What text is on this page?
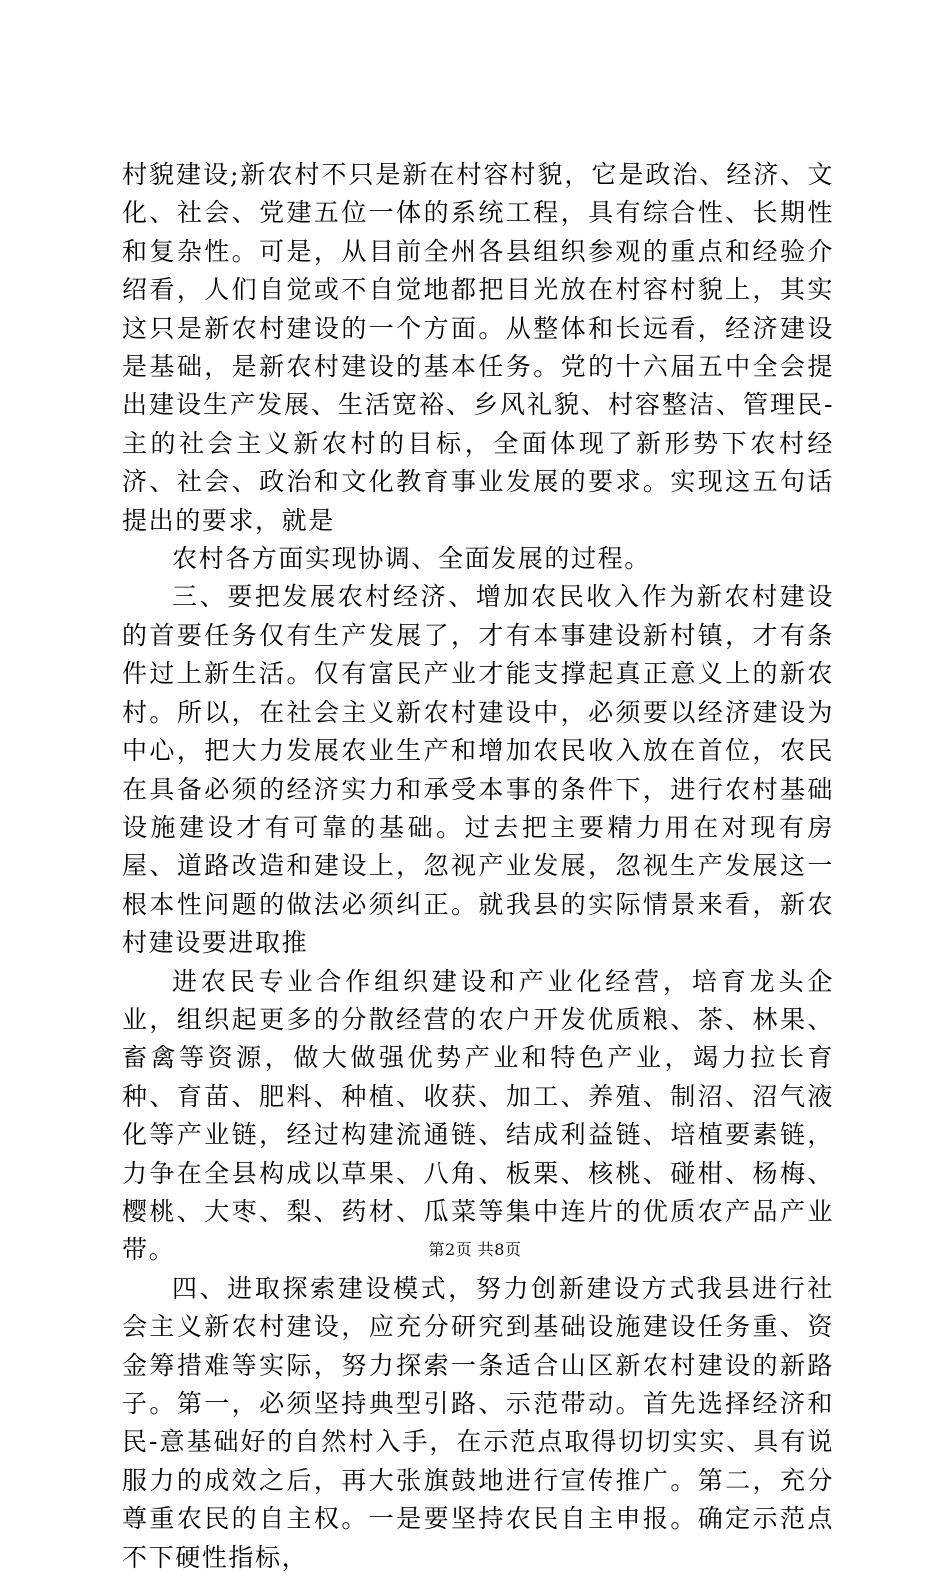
村貌建设;新农村不只是新在村容村貌，它是政治、经济、文化、社会、党建五位一体的系统工程，具有综合性、长期性和复杂性。可是，从目前全州各县组织参观的重点和经验介绍看，人们自觉或不自觉地都把目光放在村容村貌上，其实这只是新农村建设的一个方面。从整体和长远看，经济建设是基础，是新农村建设的基本任务。党的十六届五中全会提出建设生产发展、生活宽裕、乡风礼貌、村容整洁、管理民-主的社会主义新农村的目标，全面体现了新形势下农村经济、社会、政治和文化教育事业发展的要求。实现这五句话提出的要求，就是

农村各方面实现协调、全面发展的过程。

三、要把发展农村经济、增加农民收入作为新农村建设的首要任务仅有生产发展了，才有本事建设新村镇，才有条件过上新生活。仅有富民产业才能支撑起真正意义上的新农村。所以，在社会主义新农村建设中，必须要以经济建设为中心，把大力发展农业生产和增加农民收入放在首位，农民在具备必须的经济实力和承受本事的条件下，进行农村基础设施建设才有可靠的基础。过去把主要精力用在对现有房屋、道路改造和建设上，忽视产业发展，忽视生产发展这一根本性问题的做法必须纠正。就我县的实际情景来看，新农村建设要进取推

进农民专业合作组织建设和产业化经营，培育龙头企业，组织起更多的分散经营的农户开发优质粮、茶、林果、畜禽等资源，做大做强优势产业和特色产业，竭力拉长育种、育苗、肥料、种植、收获、加工、养殖、制沼、沼气液化等产业链，经过构建流通链、结成利益链、培植要素链，力争在全县构成以草果、八角、板栗、核桃、碰柑、杨梅、樱桃、大枣、梨、药材、瓜菜等集中连片的优质农产品产业带。

四、进取探索建设模式，努力创新建设方式我县进行社会主义新农村建设，应充分研究到基础设施建设任务重、资金筹措难等实际，努力探索一条适合山区新农村建设的新路子。第一，必须坚持典型引路、示范带动。首先选择经济和民-意基础好的自然村入手，在示范点取得切切实实、具有说服力的成效之后，再大张旗鼓地进行宣传推广。第二，充分尊重农民的自主权。一是要坚持农民自主申报。确定示范点不下硬性指标，

第2页 共8页
